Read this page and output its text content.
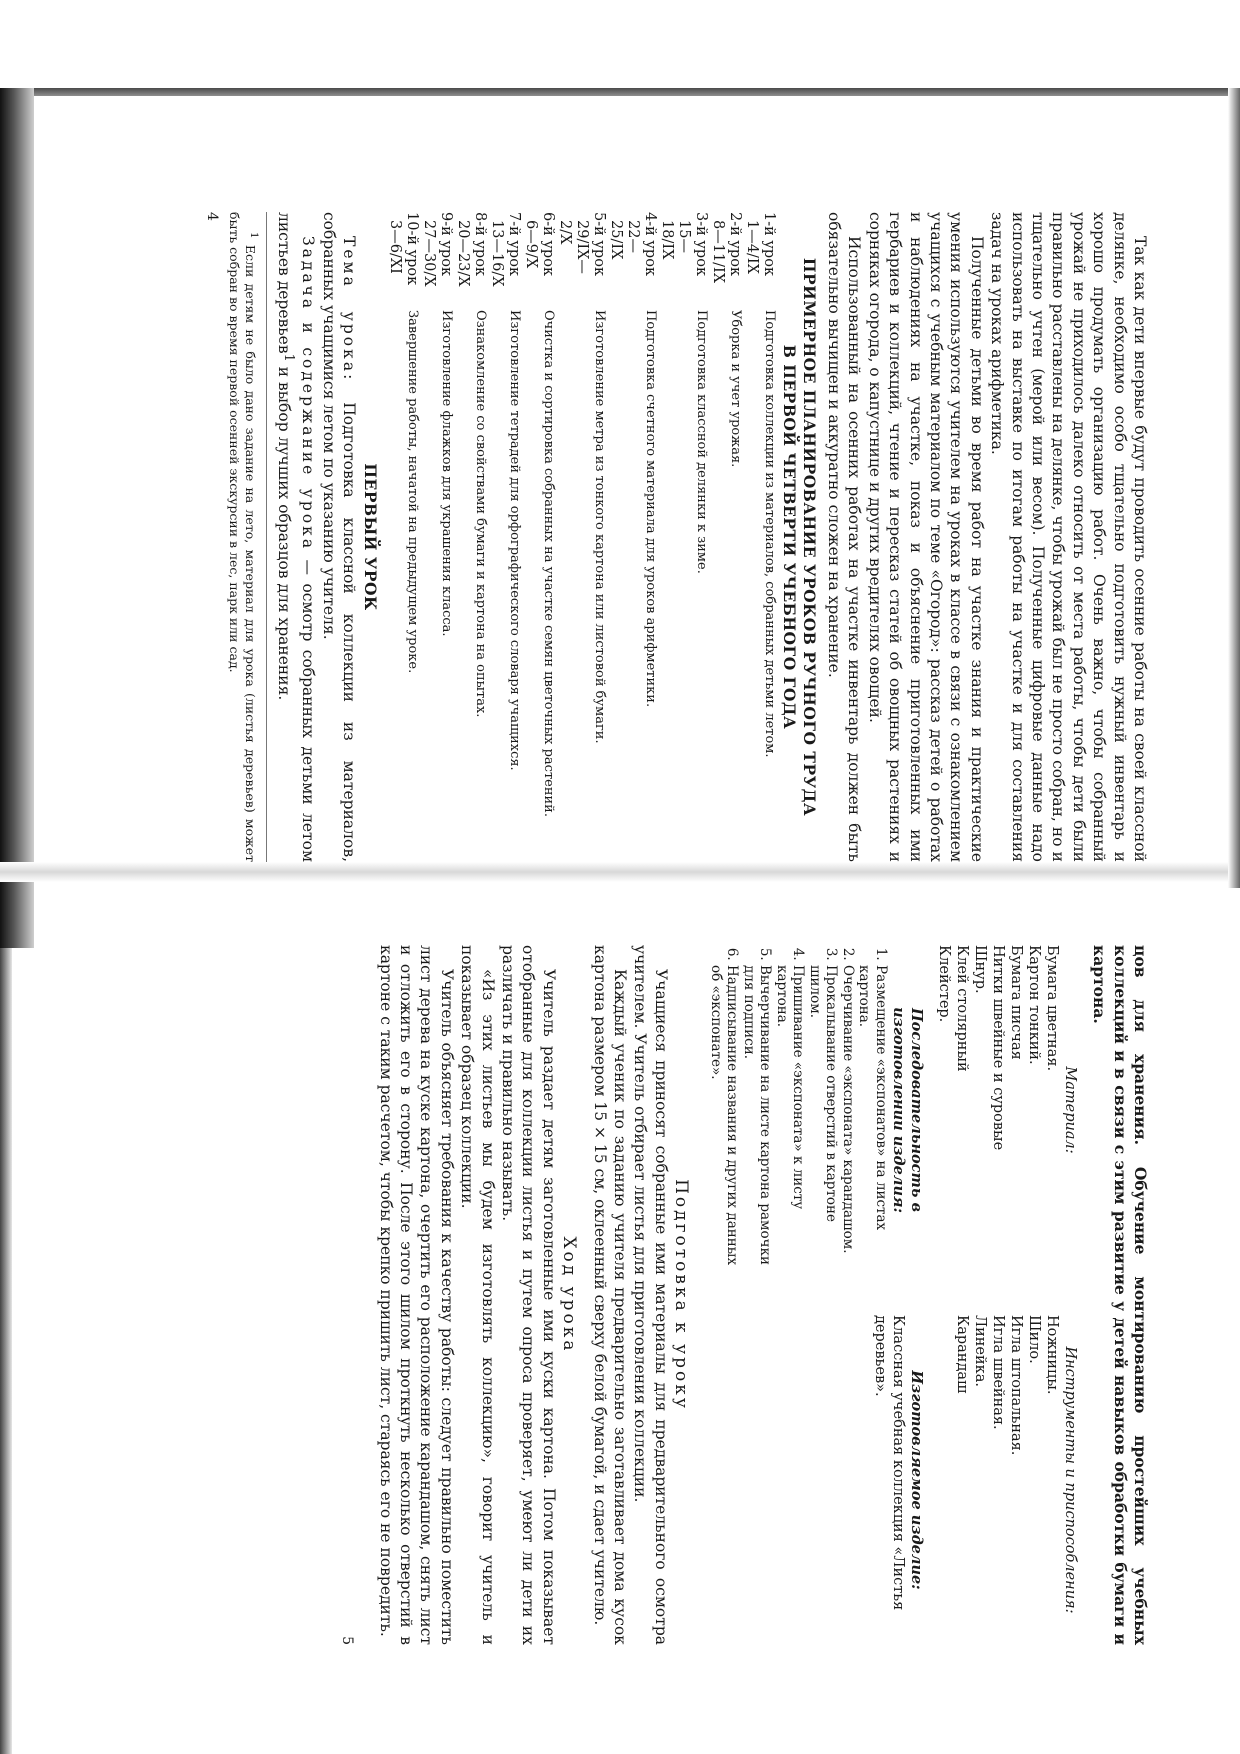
Так как дети впервые будут проводить осенние работы на своей классной делянке, необходимо особо тщательно подготовить нужный инвентарь и хорошо продумать организацию работ. Очень важно, чтобы собранный урожай не приходилось далеко относить от места работы, чтобы дети были правильно расставлены на делянке, чтобы урожай был не просто собран, но и тщательно учтен (мерой или весом). Полученные цифровые данные надо использовать на выставке по итогам работы на участке и для составления задач на уроках арифметика.

Полученные детьми во время работ на участке знания и практические умения используются учителем на уроках в классе в связи с ознакомлением учащихся с учебным материалом по теме «Огород»: рассказ детей о работах и наблюдениях на участке, показ и объяснение приготовленных ими гербариев и коллекций, чтение и пересказ статей об овощных растениях и сорняках огорода, о капустнице и других вредителях овощей.

Использованный на осенних работах на участке инвентарь должен быть обязательно вычищен и аккуратно сложен на хранение.

ПРИМЕРНОЕ ПЛАНИРОВАНИЕ УРОКОВ РУЧНОГО ТРУДА

В ПЕРВОЙ ЧЕТВЕРТИ УЧЕБНОГО ГОДА

1-й урок
1—4/IX
Подготовка коллекции из материалов, собранных детьми летом.
2-й урок
8—11/IX
Уборка и учет урожая.
3-й урок
15—18/IX
Подготовка классной делянки к зиме.
4-й урок
22—25/IX
Подготовка счетного материала для уроков арифметики.
5-й урок
29/IX—2/X
Изготовление метра из тонкого картона или листовой бумаги.
6-й урок
6—9/X
Очистка и сортировка собранных на участке семян цветочных растений.
7-й урок
13—16/X
Изготовление тетрадей для орфографического словаря учащихся.
8-й урок
20—23/X
Ознакомление со свойствами бумаги и картона на опытах.
9-й урок
27—30/X
Изготовление флажков для украшения класса.
10-й урок
3—6/XI
Завершение работы, начатой на предыдущем уроке.

ПЕРВЫЙ УРОК

Тема урока: Подготовка классной коллекции из материалов, собранных учащимися летом по указанию учителя.

Задача и содержание урока — осмотр собранных детьми летом листьев деревьев$^1$ и выбор лучших образцов для хранения.

$^1$ Если детям не было дано задание на лето, материал для урока (листья деревьев) может быть собран во время первой осенней экскурсии в лес, парк или сад.

4

цов для хранения. Обучение монтированию простейших учебных коллекций и в связи с этим развитие у детей навыков обработки бумаги и картона.

Материал:
Бумага цветная.
Картон тонкий.
Бумага писчая
Нитки швейные и суровые
Шнур.
Клей столярный
Клейстер.
Инструменты и приспособления:
Ножницы.
Шило.
Игла штопальная.
Игла швейная.
Линейка.
Карандаш
Последовательность в изготовлении изделия:
1. Размещение «экспонатов» на листах картона.
2. Очерчивание «экспоната» карандашом.
3. Прокалывание отверстий в картоне шилом.
4. Пришивание «экспоната» к листу картона.
5. Вычерчивание на листе картона рамочки для подписи.
6. Надписывание названия и других данных об «экспонате».
Изготовляемое изделие:
Классная учебная коллекция «Листья деревьев».

Подготовка к уроку

Учащиеся приносят собранные ими материалы для предварительного осмотра учителем. Учитель отбирает листья для приготовления коллекции.

Каждый ученик по заданию учителя предварительно заготавливает дома кусок картона размером 15 × 15 см, оклеенный сверху белой бумагой, и сдает учителю.

Ход урока

Учитель раздает детям заготовленные ими куски картона. Потом показывает отобранные для коллекции листья и путем опроса проверяет, умеют ли дети их различать и правильно называть.

«Из этих листьев мы будем изготовлять коллекцию», говорит учитель и показывает образец коллекции.

Учитель объясняет требования к качеству работы: следует правильно поместить лист дерева на куске картона, очертить его расположение карандашом, снять лист и отложить его в сторону. После этого шилом проткнуть несколько отверстий в картоне с таким расчетом, чтобы крепко пришить лист, стараясь его не повредить.

5
